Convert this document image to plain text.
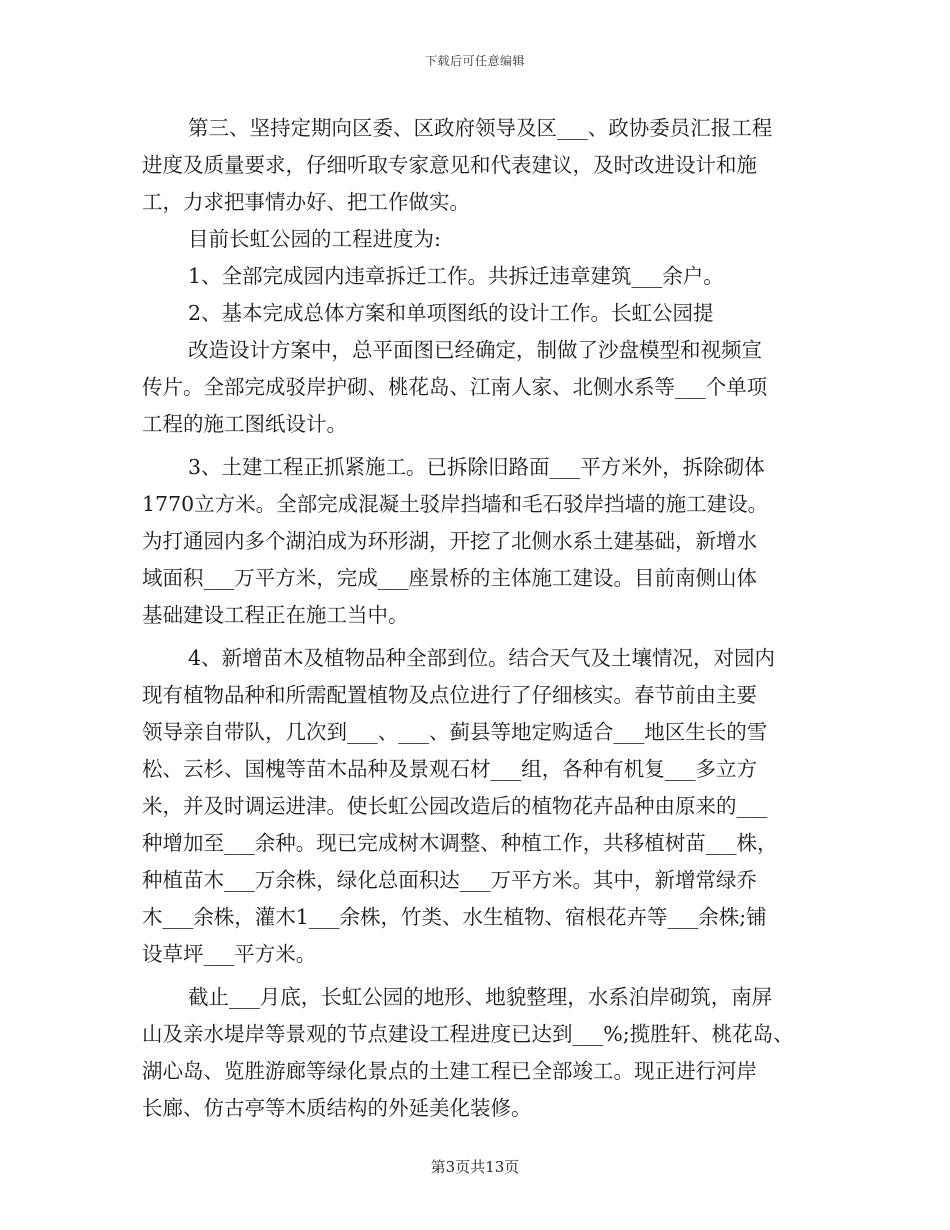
下载后可任意编辑
第三、坚持定期向区委、区政府领导及区___、政协委员汇报工程
进度及质量要求，仔细听取专家意见和代表建议，及时改进设计和施
工，力求把事情办好、把工作做实。
目前长虹公园的工程进度为:
1、全部完成园内违章拆迁工作。共拆迁违章建筑___余户。
2、基本完成总体方案和单项图纸的设计工作。长虹公园提
改造设计方案中，总平面图已经确定，制做了沙盘模型和视频宣
传片。全部完成驳岸护砌、桃花岛、江南人家、北侧水系等___个单项
工程的施工图纸设计。
3、土建工程正抓紧施工。已拆除旧路面___平方米外，拆除砌体
1770立方米。全部完成混凝土驳岸挡墙和毛石驳岸挡墙的施工建设。
为打通园内多个湖泊成为环形湖，开挖了北侧水系土建基础，新增水
域面积___万平方米，完成___座景桥的主体施工建设。目前南侧山体
基础建设工程正在施工当中。
4、新增苗木及植物品种全部到位。结合天气及土壤情况，对园内
现有植物品种和所需配置植物及点位进行了仔细核实。春节前由主要
领导亲自带队，几次到___、___、蓟县等地定购适合___地区生长的雪
松、云杉、国槐等苗木品种及景观石材___组，各种有机复___多立方
米，并及时调运进津。使长虹公园改造后的植物花卉品种由原来的___
种增加至___余种。现已完成树木调整、种植工作，共移植树苗___株，
种植苗木___万余株，绿化总面积达___万平方米。其中，新增常绿乔
木___余株，灌木1___余株，竹类、水生植物、宿根花卉等___余株;铺
设草坪___平方米。
截止___月底，长虹公园的地形、地貌整理，水系泊岸砌筑，南屏
山及亲水堤岸等景观的节点建设工程进度已达到___%;揽胜轩、桃花岛、
湖心岛、览胜游廊等绿化景点的土建工程已全部竣工。现正进行河岸
长廊、仿古亭等木质结构的外延美化装修。
第3页共13页
